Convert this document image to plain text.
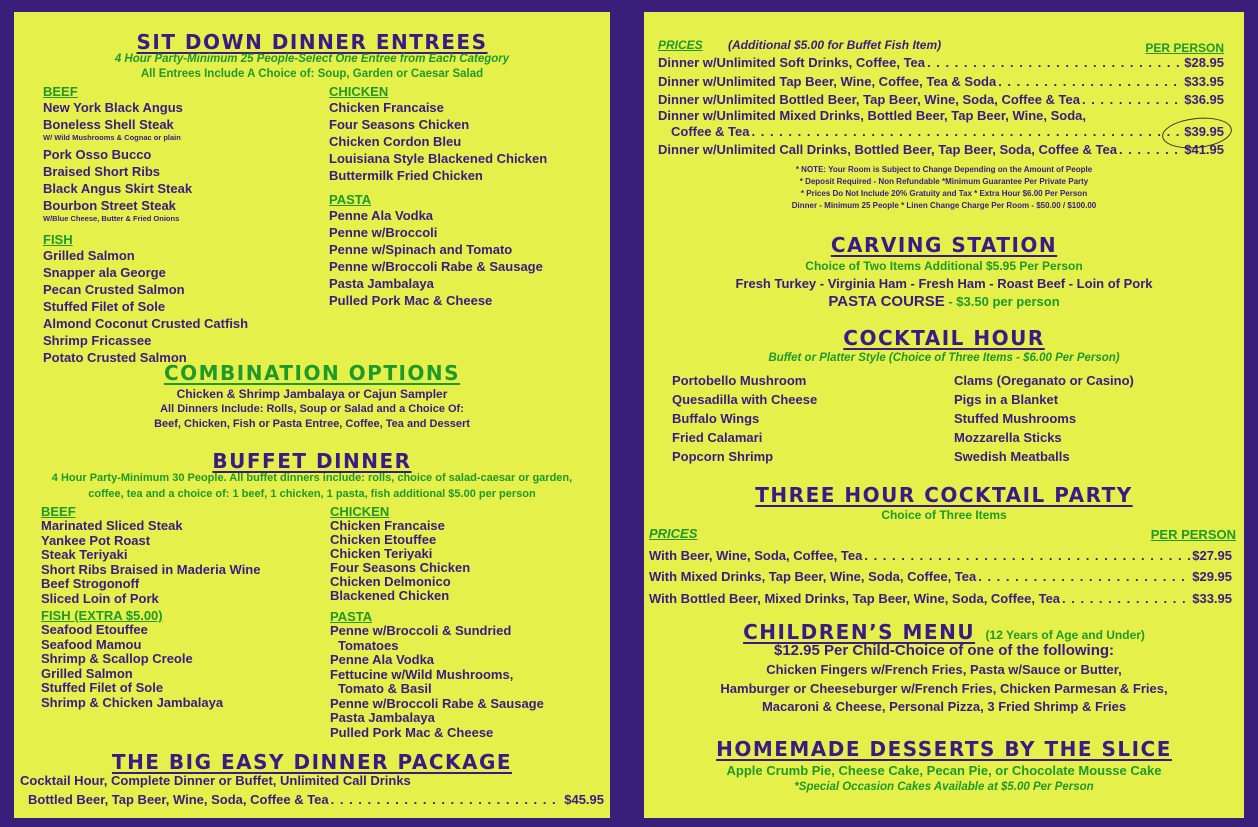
SIT DOWN DINNER ENTREES
4 Hour Party-Minimum 25 People-Select One Entree from Each Category
All Entrees Include A Choice of: Soup, Garden or Caesar Salad
BEEF
New York Black Angus
Boneless Shell Steak
W/ Wild Mushrooms & Cognac or plain
Pork Osso Bucco
Braised Short Ribs
Black Angus Skirt Steak
Bourbon Street Steak
W/Blue Cheese, Butter & Fried Onions
FISH
Grilled Salmon
Snapper ala George
Pecan Crusted Salmon
Stuffed Filet of Sole
Almond Coconut Crusted Catfish
Shrimp Fricassee
Potato Crusted Salmon
CHICKEN
Chicken Francaise
Four Seasons Chicken
Chicken Cordon Bleu
Louisiana Style Blackened Chicken
Buttermilk Fried Chicken
PASTA
Penne Ala Vodka
Penne w/Broccoli
Penne w/Spinach and Tomato
Penne w/Broccoli Rabe & Sausage
Pasta Jambalaya
Pulled Pork Mac & Cheese
COMBINATION OPTIONS
Chicken & Shrimp Jambalaya or Cajun Sampler
All Dinners Include: Rolls, Soup or Salad and a Choice Of:
Beef, Chicken, Fish or Pasta Entree, Coffee, Tea and Dessert
BUFFET DINNER
4 Hour Party-Minimum 30 People. All buffet dinners include: rolls, choice of salad-caesar or garden,
coffee, tea and a choice of: 1 beef, 1 chicken, 1 pasta, fish additional $5.00 per person
BEEF
Marinated Sliced Steak
Yankee Pot Roast
Steak Teriyaki
Short Ribs Braised in Maderia Wine
Beef Strogonoff
Sliced Loin of Pork
FISH (EXTRA $5.00)
Seafood Etouffee
Seafood Mamou
Shrimp & Scallop Creole
Grilled Salmon
Stuffed Filet of Sole
Shrimp & Chicken Jambalaya
CHICKEN
Chicken Francaise
Chicken Etouffee
Chicken Teriyaki
Four Seasons Chicken
Chicken Delmonico
Blackened Chicken
PASTA
Penne w/Broccoli & Sundried
Tomatoes
Penne Ala Vodka
Fettucine w/Wild Mushrooms,
Tomato & Basil
Penne w/Broccoli Rabe & Sausage
Pasta Jambalaya
Pulled Pork Mac & Cheese
THE BIG EASY DINNER PACKAGE
Cocktail Hour, Complete Dinner or Buffet, Unlimited Call Drinks
Bottled Beer, Tap Beer, Wine, Soda, Coffee & Tea . . .	$45.95
PRICES (Additional $5.00 for Buffet Fish Item)	PER PERSON
Dinner w/Unlimited Soft Drinks, Coffee, Tea . . .	$28.95
Dinner w/Unlimited Tap Beer, Wine, Coffee, Tea & Soda . . .	$33.95
Dinner w/Unlimited Bottled Beer, Tap Beer, Wine, Soda, Coffee & Tea . . .	$36.95
Dinner w/Unlimited Mixed Drinks, Bottled Beer, Tap Beer, Wine, Soda,
Coffee & Tea . . .	$39.95
Dinner w/Unlimited Call Drinks, Bottled Beer, Tap Beer, Soda, Coffee & Tea . . .	$41.95
* NOTE: Your Room is Subject to Change Depending on the Amount of People
* Deposit Required - Non Refundable *Minimum Guarantee Per Private Party
* Prices Do Not Include 20% Gratuity and Tax * Extra Hour $6.00 Per Person
Dinner - Minimum 25 People * Linen Change Charge Per Room - $50.00 / $100.00
CARVING STATION
Choice of Two Items Additional $5.95 Per Person
Fresh Turkey - Virginia Ham - Fresh Ham - Roast Beef - Loin of Pork
PASTA COURSE - $3.50 per person
COCKTAIL HOUR
Buffet or Platter Style (Choice of Three Items - $6.00 Per Person)
Portobello Mushroom
Quesadilla with Cheese
Buffalo Wings
Fried Calamari
Popcorn Shrimp
Clams (Oreganato or Casino)
Pigs in a Blanket
Stuffed Mushrooms
Mozzarella Sticks
Swedish Meatballs
THREE HOUR COCKTAIL PARTY
Choice of Three Items
PRICES	PER PERSON
With Beer, Wine, Soda, Coffee, Tea . . .	$27.95
With Mixed Drinks, Tap Beer, Wine, Soda, Coffee, Tea . . .	$29.95
With Bottled Beer, Mixed Drinks, Tap Beer, Wine, Soda, Coffee, Tea . . .	$33.95
CHILDREN’S MENU (12 Years of Age and Under)
$12.95 Per Child-Choice of one of the following:
Chicken Fingers w/French Fries, Pasta w/Sauce or Butter,
Hamburger or Cheeseburger w/French Fries, Chicken Parmesan & Fries,
Macaroni & Cheese, Personal Pizza, 3 Fried Shrimp & Fries
HOMEMADE DESSERTS BY THE SLICE
Apple Crumb Pie, Cheese Cake, Pecan Pie, or Chocolate Mousse Cake
*Special Occasion Cakes Available at $5.00 Per Person
